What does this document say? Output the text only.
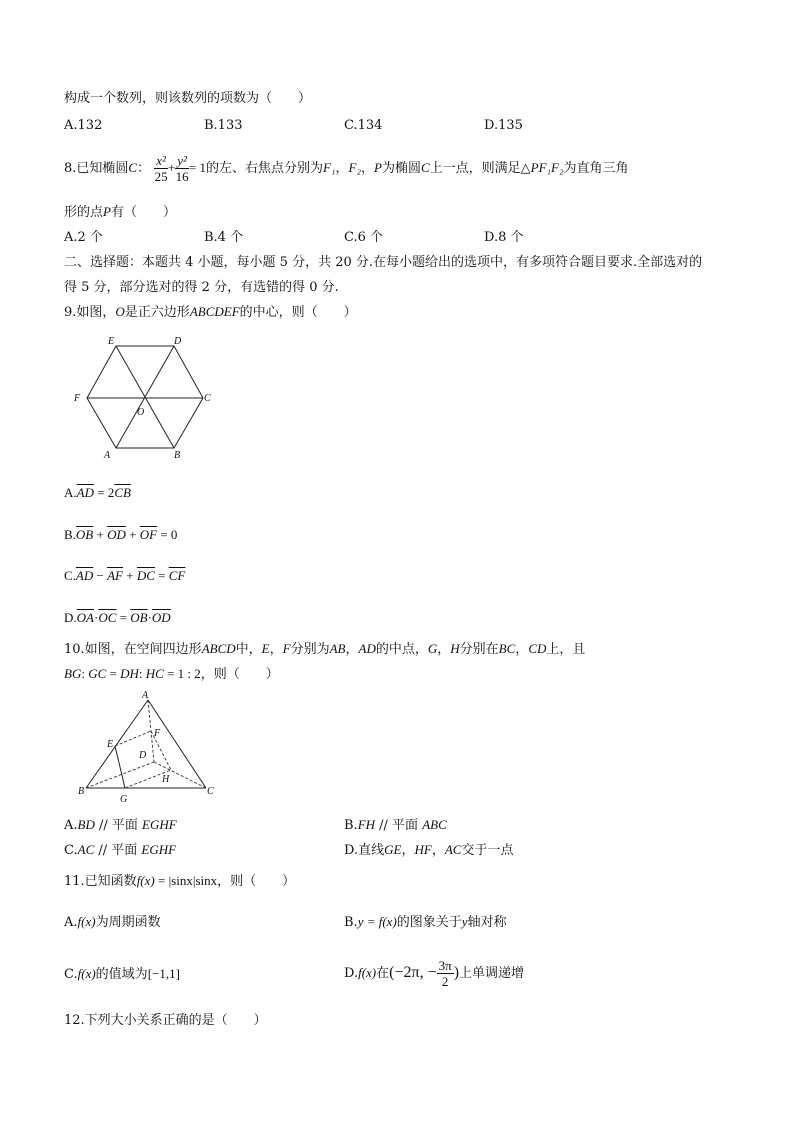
构成一个数列，则该数列的项数为（　　）
A.132	B.133	C.134	D.135
8.已知椭圆C： $\frac{\text{x²}}{25} + \frac{\text{y²}}{16} = 1$的左、右焦点分别为F₁，F₂，P为椭圆C上一点，则满足△PF₁F₂为直角三角
形的点P有（　　）
A.2 个	B.4 个	C.6 个	D.8 个
二、选择题：本题共 4 小题，每小题 5 分，共 20 分.在每小题给出的选项中，有多项符合题目要求.全部选对的
得 5 分，部分选对的得 2 分，有选错的得 0 分.
9.如图，O是正六边形ABCDEF的中心，则（　　）
E	D
F
O
C
A	B
$A.\overline{AD} = 2\overline{CB}$
$B.\overline{OB} + \overline{OD} + \overline{OF} = 0$
$C.\overline{AD} - \overline{AF} + \overline{DC} = \overline{CF}$
$D.\overline{OA}\cdot\overline{OC} = \overline{OB}\cdot\overline{OD}$
10.如图，在空间四边形ABCD中，E，F分别为AB，AD的中点，G，H分别在BC，CD上，且
BG: GC = DH: HC = 1 : 2，则（　　）
A
E
F
D
H
B
G
C
A.BD // 平面 EGHF	B.FH // 平面 ABC
C.AC // 平面 EGHF	D.直线GE，HF，AC交于一点
11.已知函数f(x) = |sinx|sinx，则（　　）
A.f(x)为周期函数	B.y = f(x)的图象关于y轴对称
C.f(x)的值域为[−1,1]	D.f(x)在(−2π, − $\frac{3\pi}{2}$ )上单调递增
12.下列大小关系正确的是（　　）
